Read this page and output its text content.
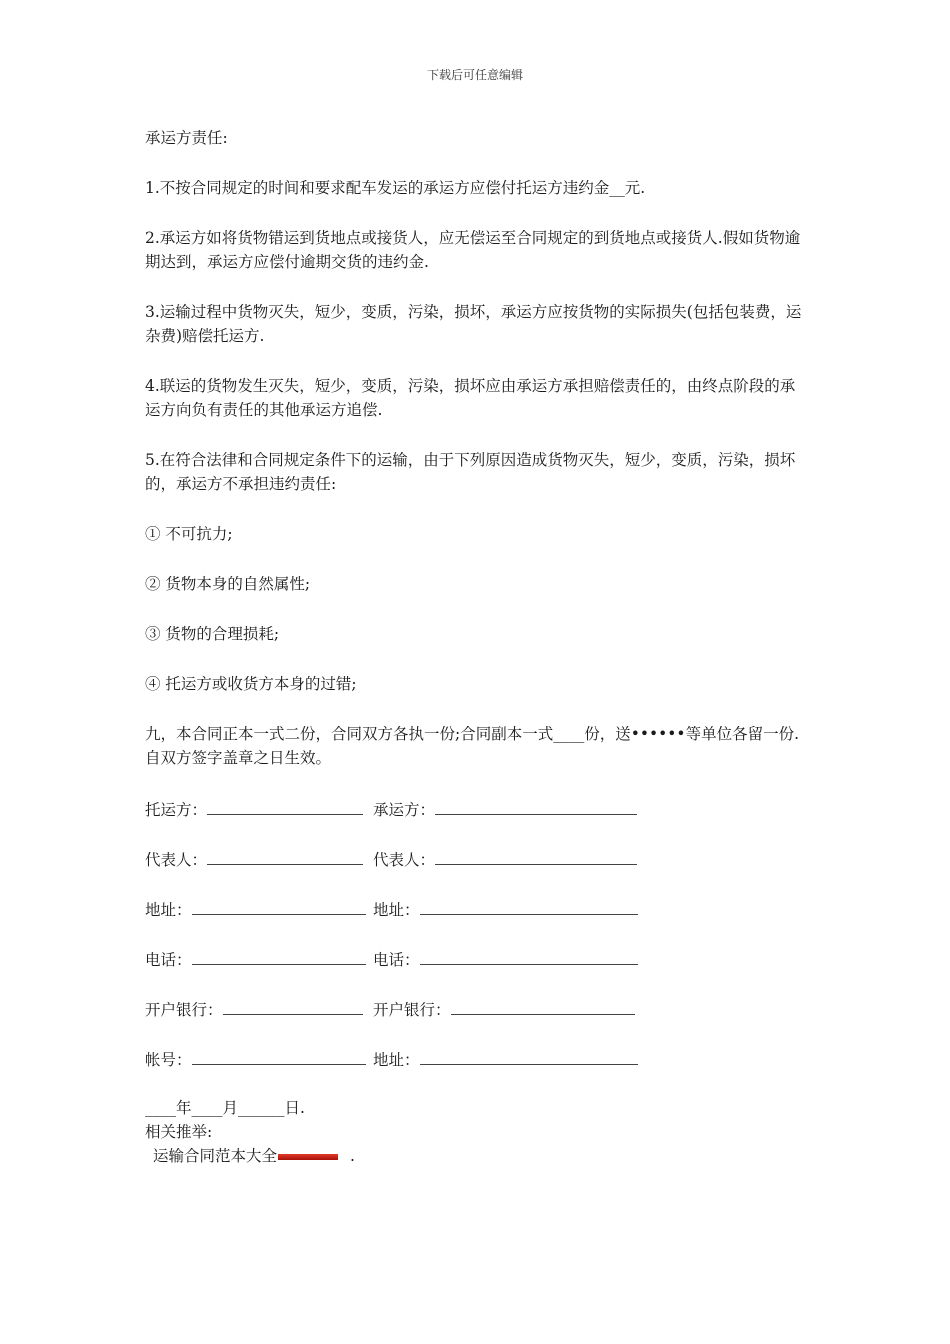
下载后可任意编辑

承运方责任:

1.不按合同规定的时间和要求配车发运的承运方应偿付托运方违约金__元.

2.承运方如将货物错运到货地点或接货人，应无偿运至合同规定的到货地点或接货人.假如货物逾期达到，承运方应偿付逾期交货的违约金.

3.运输过程中货物灭失，短少，变质，污染，损坏，承运方应按货物的实际损失(包括包装费，运杂费)赔偿托运方.

4.联运的货物发生灭失，短少，变质，污染，损坏应由承运方承担赔偿责任的，由终点阶段的承运方向负有责任的其他承运方追偿.

5.在符合法律和合同规定条件下的运输，由于下列原因造成货物灭失，短少，变质，污染，损坏的，承运方不承担违约责任:

① 不可抗力;

② 货物本身的自然属性;

③ 货物的合理损耗;

④ 托运方或收货方本身的过错;

九，本合同正本一式二份，合同双方各执一份;合同副本一式____份，送••••••等单位各留一份.自双方签字盖章之日生效。

托运方：	承运方：
代表人：	代表人：
地址：	地址：
电话：	电话：
开户银行：	开户银行：
帐号：	地址：

____年____月______日.

相关推举:

运输合同范本大全	.
